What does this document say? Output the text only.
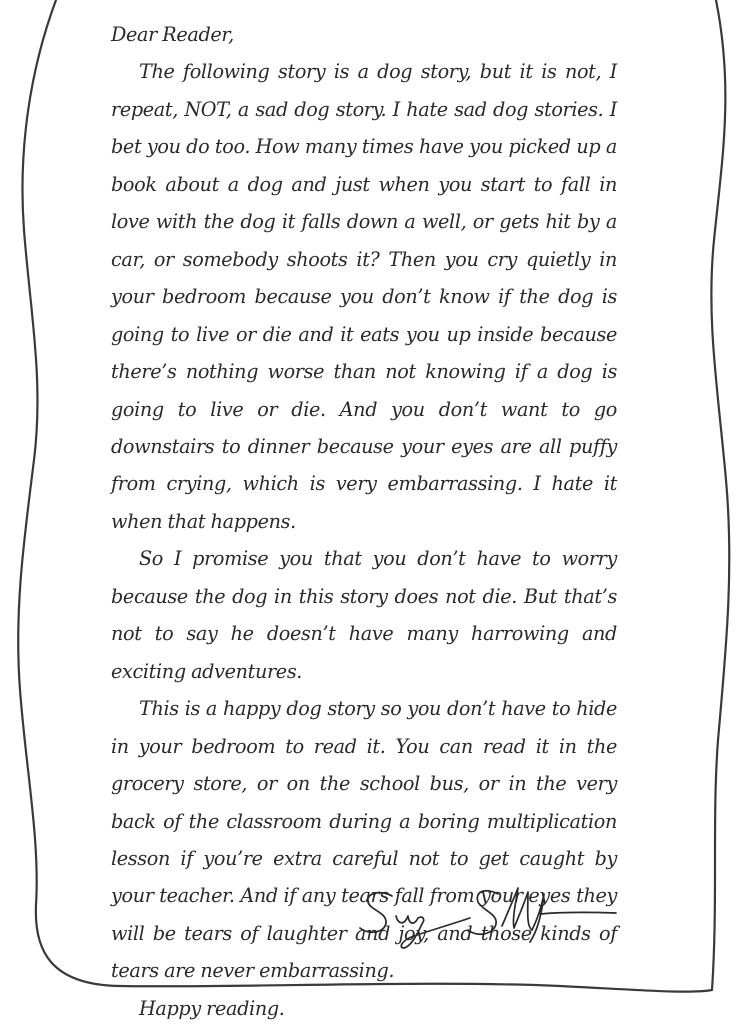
Dear Reader,

The following story is a dog story, but it is not, I repeat, NOT, a sad dog story. I hate sad dog stories. I bet you do too. How many times have you picked up a book about a dog and just when you start to fall in love with the dog it falls down a well, or gets hit by a car, or somebody shoots it? Then you cry quietly in your bedroom because you don’t know if the dog is going to live or die and it eats you up inside because there’s nothing worse than not knowing if a dog is going to live or die. And you don’t want to go downstairs to dinner because your eyes are all puffy from crying, which is very embarrassing. I hate it when that happens.

So I promise you that you don’t have to worry because the dog in this story does not die. But that’s not to say he doesn’t have many harrowing and exciting adventures.

This is a happy dog story so you don’t have to hide in your bedroom to read it. You can read it in the grocery store, or on the school bus, or in the very back of the classroom during a boring multiplication lesson if you’re extra careful not to get caught by your teacher. And if any tears fall from your eyes they will be tears of laughter and joy, and those kinds of tears are never embarrassing.

Happy reading.
